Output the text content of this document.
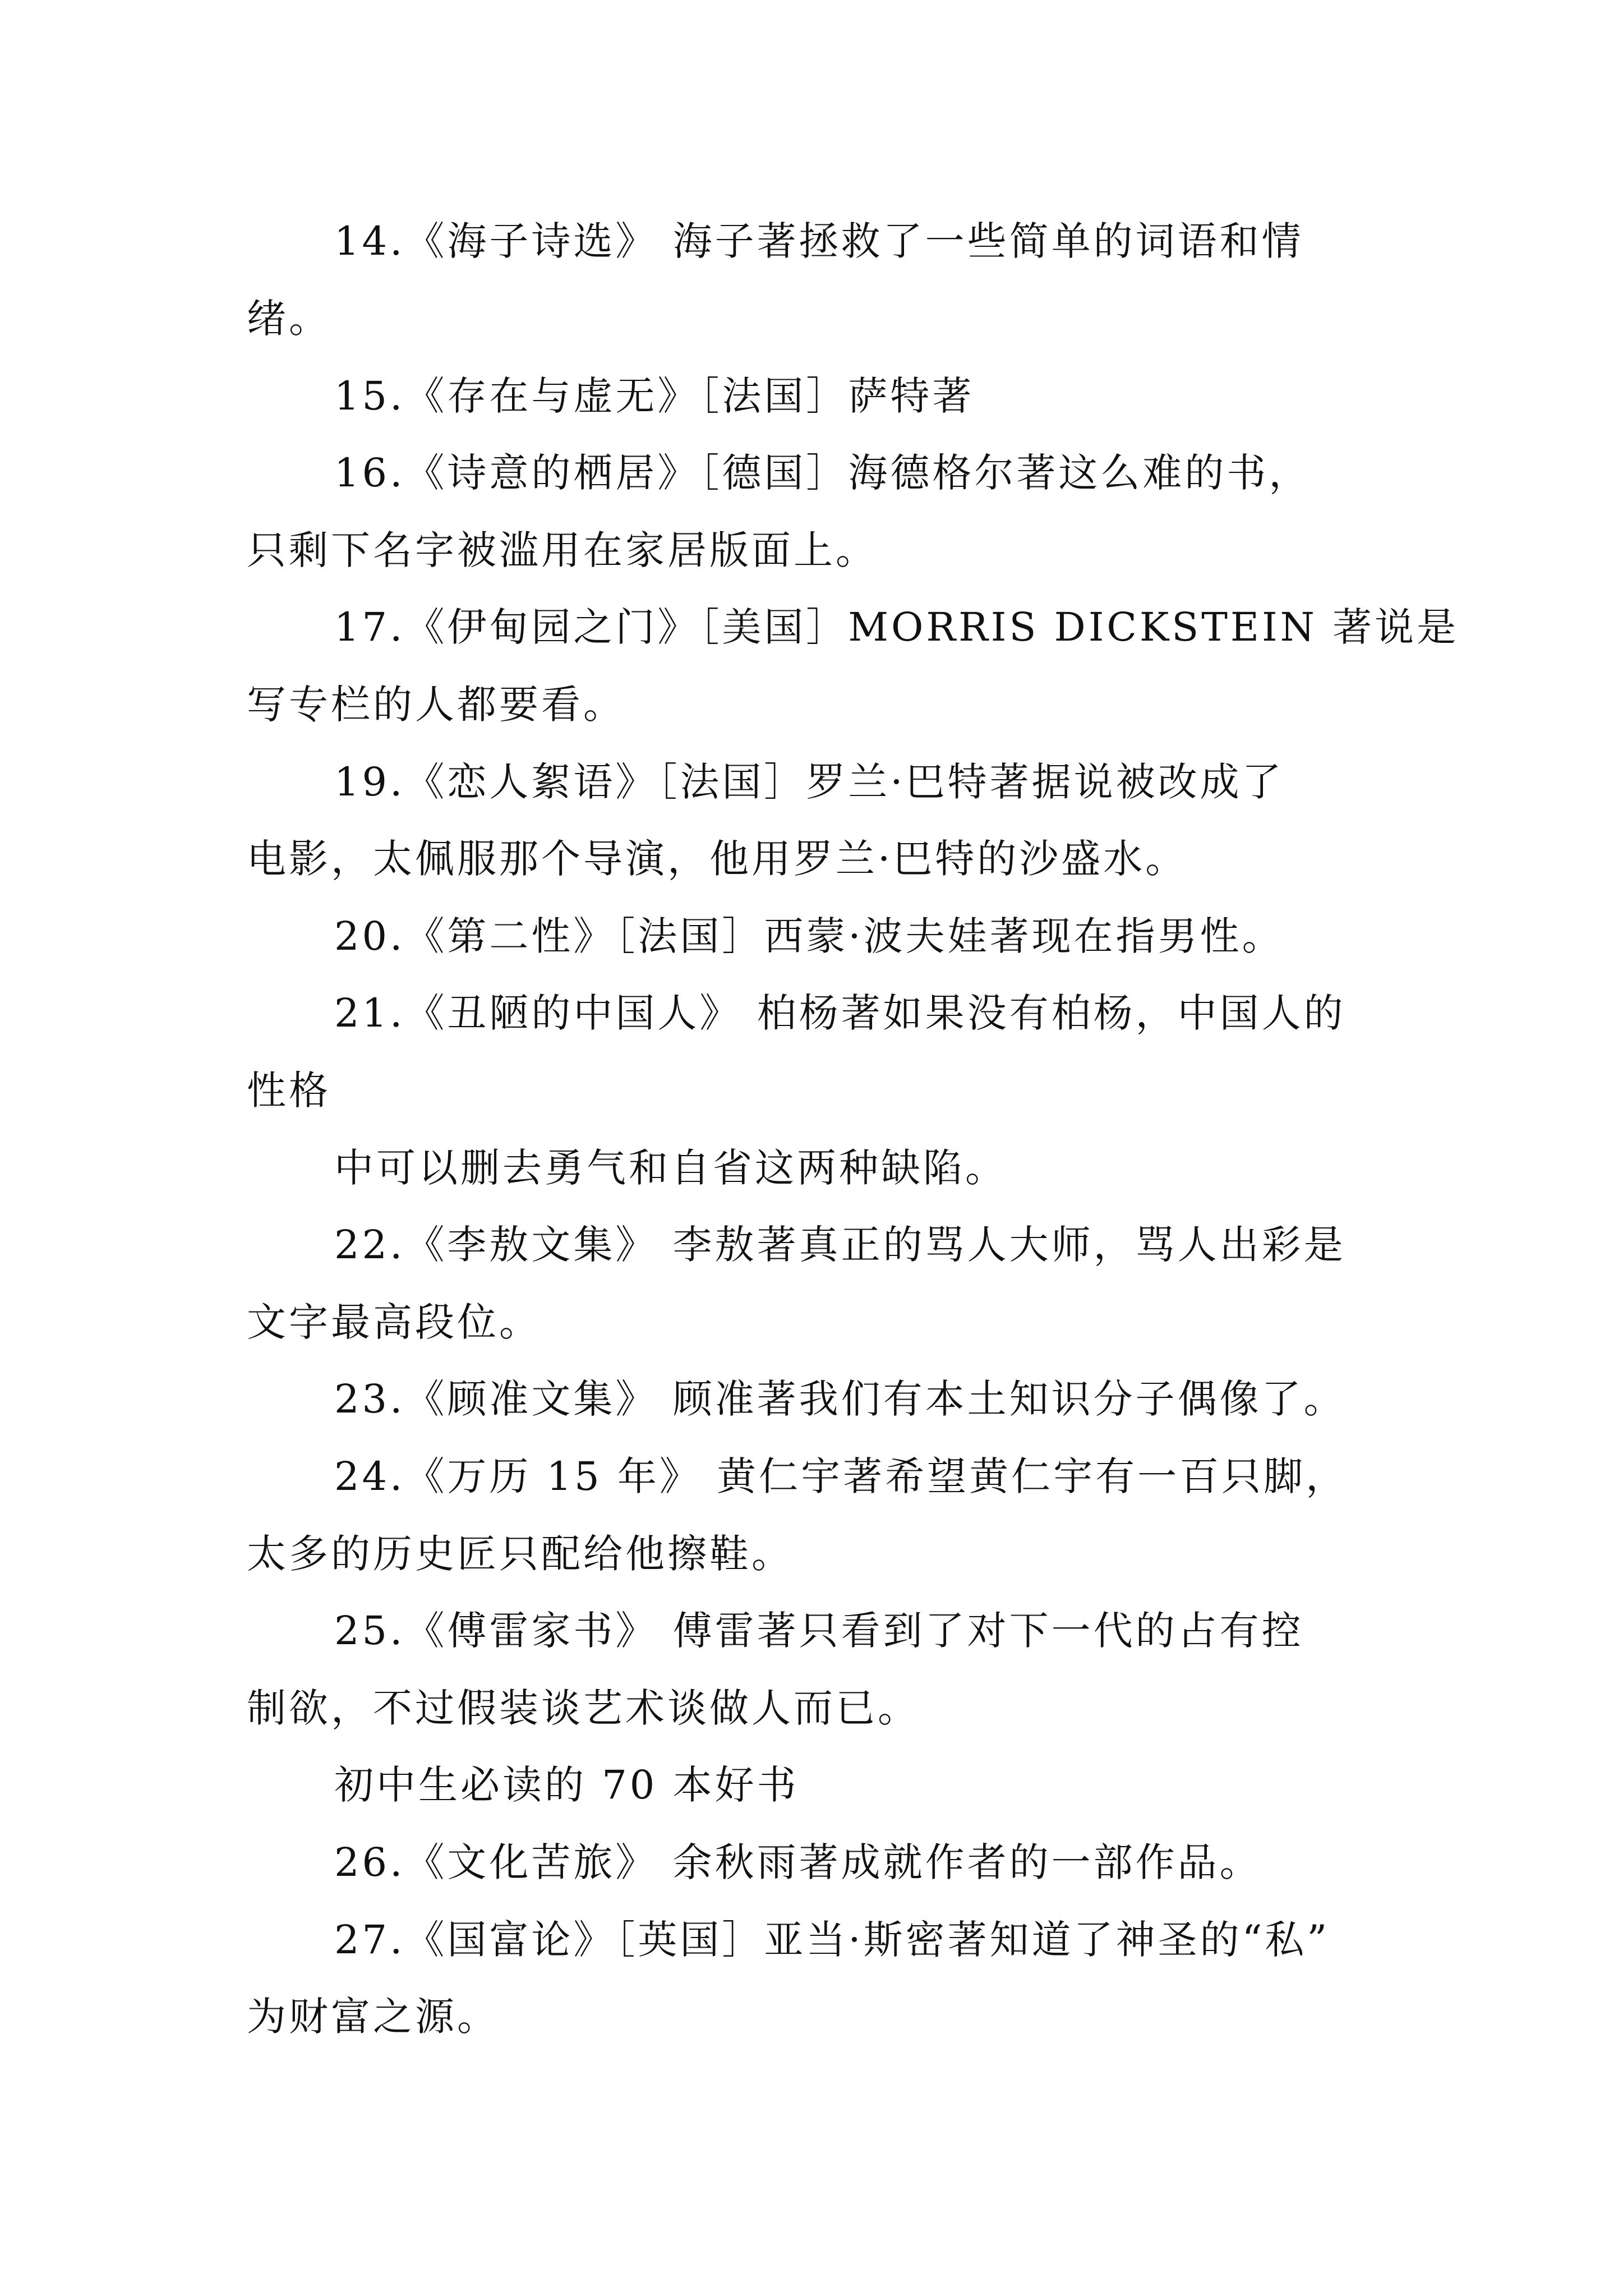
14.《海子诗选》 海子著拯救了一些简单的词语和情
绪。
15.《存在与虚无》［法国］萨特著
16.《诗意的栖居》［德国］海德格尔著这么难的书，
只剩下名字被滥用在家居版面上。
17.《伊甸园之门》［美国］MORRIS DICKSTEIN 著说是
写专栏的人都要看。
19.《恋人絮语》［法国］罗兰·巴特著据说被改成了
电影，太佩服那个导演，他用罗兰·巴特的沙盛水。
20.《第二性》［法国］西蒙·波夫娃著现在指男性。
21.《丑陋的中国人》 柏杨著如果没有柏杨，中国人的
性格
中可以删去勇气和自省这两种缺陷。
22.《李敖文集》 李敖著真正的骂人大师，骂人出彩是
文字最高段位。
23.《顾准文集》 顾准著我们有本土知识分子偶像了。
24.《万历 15 年》 黄仁宇著希望黄仁宇有一百只脚，
太多的历史匠只配给他擦鞋。
25.《傅雷家书》 傅雷著只看到了对下一代的占有控
制欲，不过假装谈艺术谈做人而已。
初中生必读的 70 本好书
26.《文化苦旅》 余秋雨著成就作者的一部作品。
27.《国富论》［英国］亚当·斯密著知道了神圣的“私”
为财富之源。
